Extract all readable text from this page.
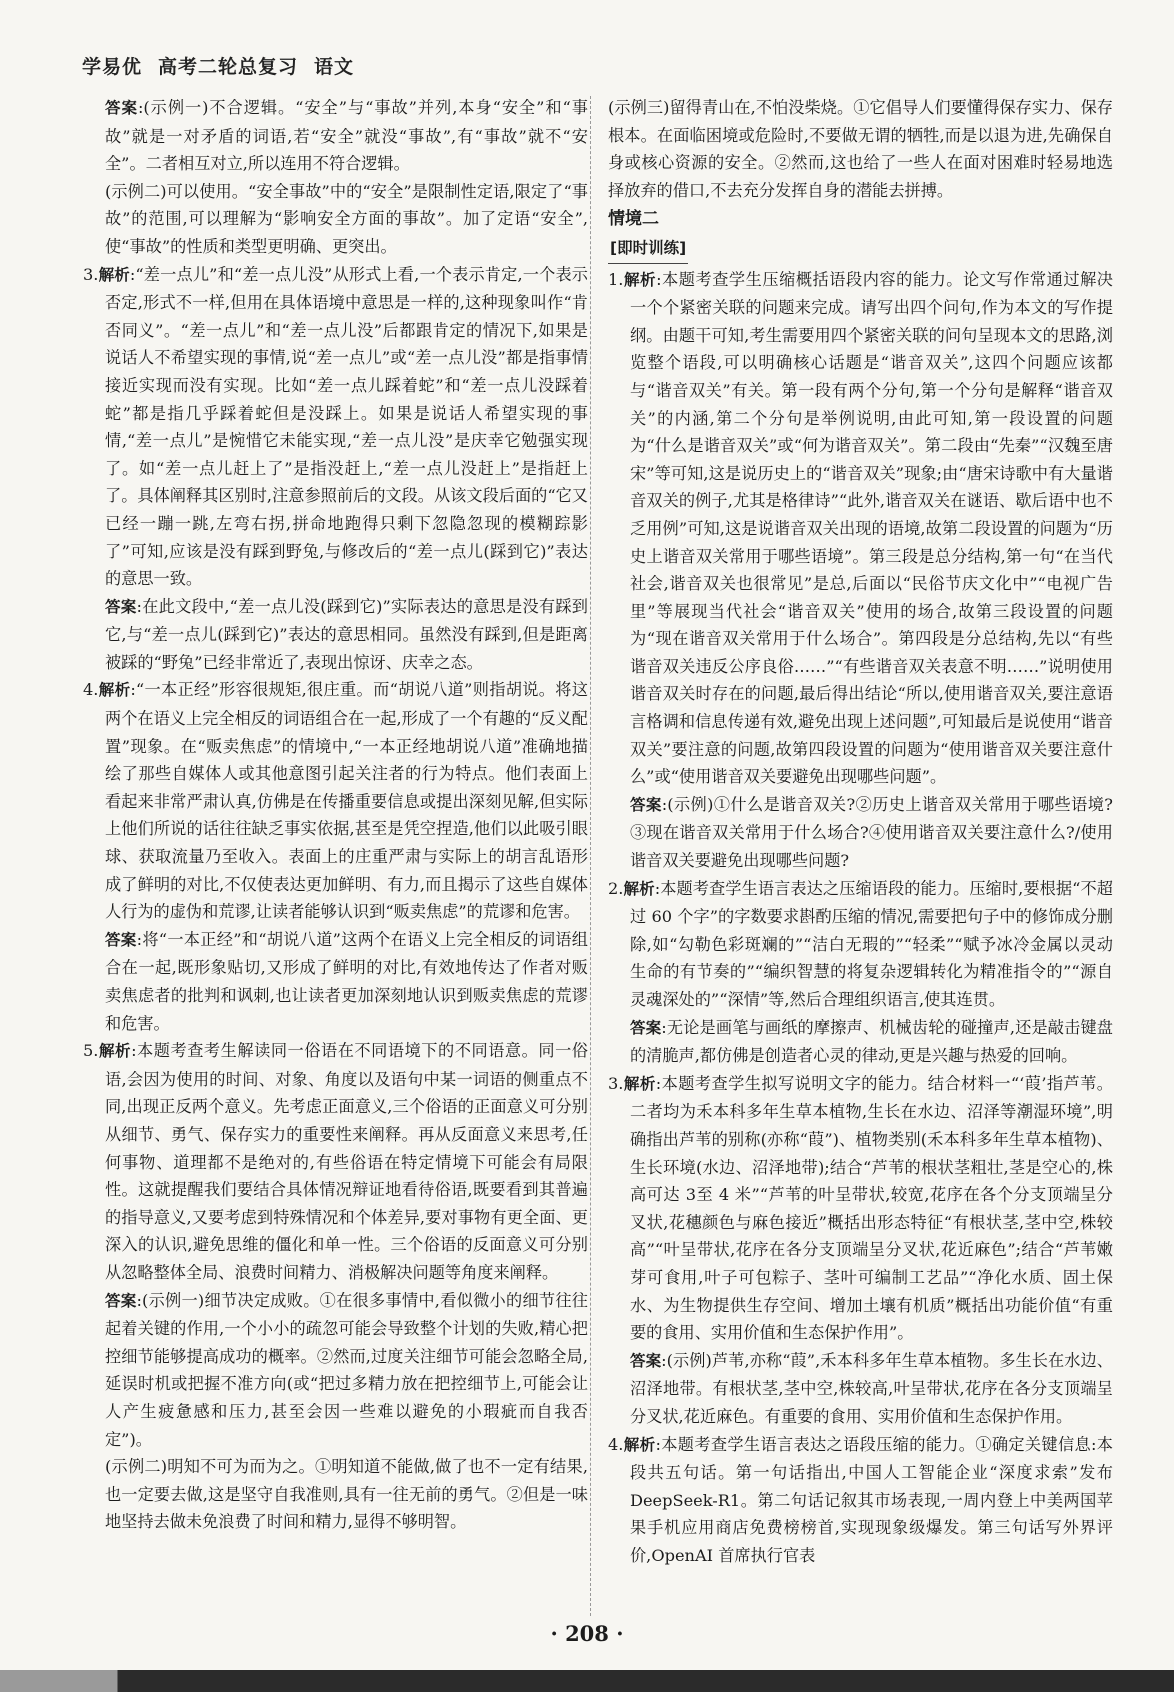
学易优 高考二轮总复习 语文

答案:(示例一)不合逻辑。“安全”与“事故”并列,本身“安全”和“事故”就是一对矛盾的词语,若“安全”就没“事故”,有“事故”就不“安全”。二者相互对立,所以连用不符合逻辑。

(示例二)可以使用。“安全事故”中的“安全”是限制性定语,限定了“事故”的范围,可以理解为“影响安全方面的事故”。加了定语“安全”,使“事故”的性质和类型更明确、更突出。

3.解析:“差一点儿”和“差一点儿没”从形式上看,一个表示肯定,一个表示否定,形式不一样,但用在具体语境中意思是一样的,这种现象叫作“肯否同义”。“差一点儿”和“差一点儿没”后都跟肯定的情况下,如果是说话人不希望实现的事情,说“差一点儿”或“差一点儿没”都是指事情接近实现而没有实现。比如“差一点儿踩着蛇”和“差一点儿没踩着蛇”都是指几乎踩着蛇但是没踩上。如果是说话人希望实现的事情,“差一点儿”是惋惜它未能实现,“差一点儿没”是庆幸它勉强实现了。如“差一点儿赶上了”是指没赶上,“差一点儿没赶上”是指赶上了。具体阐释其区别时,注意参照前后的文段。从该文段后面的“它又已经一蹦一跳,左弯右拐,拼命地跑得只剩下忽隐忽现的模糊踪影了”可知,应该是没有踩到野兔,与修改后的“差一点儿(踩到它)”表达的意思一致。

答案:在此文段中,“差一点儿没(踩到它)”实际表达的意思是没有踩到它,与“差一点儿(踩到它)”表达的意思相同。虽然没有踩到,但是距离被踩的“野兔”已经非常近了,表现出惊讶、庆幸之态。

4.解析:“一本正经”形容很规矩,很庄重。而“胡说八道”则指胡说。将这两个在语义上完全相反的词语组合在一起,形成了一个有趣的“反义配置”现象。在“贩卖焦虑”的情境中,“一本正经地胡说八道”准确地描绘了那些自媒体人或其他意图引起关注者的行为特点。他们表面上看起来非常严肃认真,仿佛是在传播重要信息或提出深刻见解,但实际上他们所说的话往往缺乏事实依据,甚至是凭空捏造,他们以此吸引眼球、获取流量乃至收入。表面上的庄重严肃与实际上的胡言乱语形成了鲜明的对比,不仅使表达更加鲜明、有力,而且揭示了这些自媒体人行为的虚伪和荒谬,让读者能够认识到“贩卖焦虑”的荒谬和危害。

答案:将“一本正经”和“胡说八道”这两个在语义上完全相反的词语组合在一起,既形象贴切,又形成了鲜明的对比,有效地传达了作者对贩卖焦虑者的批判和讽刺,也让读者更加深刻地认识到贩卖焦虑的荒谬和危害。

5.解析:本题考查考生解读同一俗语在不同语境下的不同语意。同一俗语,会因为使用的时间、对象、角度以及语句中某一词语的侧重点不同,出现正反两个意义。先考虑正面意义,三个俗语的正面意义可分别从细节、勇气、保存实力的重要性来阐释。再从反面意义来思考,任何事物、道理都不是绝对的,有些俗语在特定情境下可能会有局限性。这就提醒我们要结合具体情况辩证地看待俗语,既要看到其普遍的指导意义,又要考虑到特殊情况和个体差异,要对事物有更全面、更深入的认识,避免思维的僵化和单一性。三个俗语的反面意义可分别从忽略整体全局、浪费时间精力、消极解决问题等角度来阐释。

答案:(示例一)细节决定成败。①在很多事情中,看似微小的细节往往起着关键的作用,一个小小的疏忽可能会导致整个计划的失败,精心把控细节能够提高成功的概率。②然而,过度关注细节可能会忽略全局,延误时机或把握不准方向(或“把过多精力放在把控细节上,可能会让人产生疲惫感和压力,甚至会因一些难以避免的小瑕疵而自我否定”)。

(示例二)明知不可为而为之。①明知道不能做,做了也不一定有结果,也一定要去做,这是坚守自我准则,具有一往无前的勇气。②但是一味地坚持去做未免浪费了时间和精力,显得不够明智。

(示例三)留得青山在,不怕没柴烧。①它倡导人们要懂得保存实力、保存根本。在面临困境或危险时,不要做无谓的牺牲,而是以退为进,先确保自身或核心资源的安全。②然而,这也给了一些人在面对困难时轻易地选择放弃的借口,不去充分发挥自身的潜能去拼搏。

情境二

[即时训练]

1.解析:本题考查学生压缩概括语段内容的能力。论文写作常通过解决一个个紧密关联的问题来完成。请写出四个问句,作为本文的写作提纲。由题干可知,考生需要用四个紧密关联的问句呈现本文的思路,浏览整个语段,可以明确核心话题是“谐音双关”,这四个问题应该都与“谐音双关”有关。第一段有两个分句,第一个分句是解释“谐音双关”的内涵,第二个分句是举例说明,由此可知,第一段设置的问题为“什么是谐音双关”或“何为谐音双关”。第二段由“先秦”“汉魏至唐宋”等可知,这是说历史上的“谐音双关”现象;由“唐宋诗歌中有大量谐音双关的例子,尤其是格律诗”“此外,谐音双关在谜语、歇后语中也不乏用例”可知,这是说谐音双关出现的语境,故第二段设置的问题为“历史上谐音双关常用于哪些语境”。第三段是总分结构,第一句“在当代社会,谐音双关也很常见”是总,后面以“民俗节庆文化中”“电视广告里”等展现当代社会“谐音双关”使用的场合,故第三段设置的问题为“现在谐音双关常用于什么场合”。第四段是分总结构,先以“有些谐音双关违反公序良俗……”“有些谐音双关表意不明……”说明使用谐音双关时存在的问题,最后得出结论“所以,使用谐音双关,要注意语言格调和信息传递有效,避免出现上述问题”,可知最后是说使用“谐音双关”要注意的问题,故第四段设置的问题为“使用谐音双关要注意什么”或“使用谐音双关要避免出现哪些问题”。

答案:(示例)①什么是谐音双关?②历史上谐音双关常用于哪些语境?③现在谐音双关常用于什么场合?④使用谐音双关要注意什么?/使用谐音双关要避免出现哪些问题?

2.解析:本题考查学生语言表达之压缩语段的能力。压缩时,要根据“不超过 60 个字”的字数要求斟酌压缩的情况,需要把句子中的修饰成分删除,如“勾勒色彩斑斓的”“洁白无瑕的”“轻柔”“赋予冰冷金属以灵动生命的有节奏的”“编织智慧的将复杂逻辑转化为精准指令的”“源自灵魂深处的”“深情”等,然后合理组织语言,使其连贯。

答案:无论是画笔与画纸的摩擦声、机械齿轮的碰撞声,还是敲击键盘的清脆声,都仿佛是创造者心灵的律动,更是兴趣与热爱的回响。

3.解析:本题考查学生拟写说明文字的能力。结合材料一“‘葭’指芦苇。二者均为禾本科多年生草本植物,生长在水边、沼泽等潮湿环境”,明确指出芦苇的别称(亦称“葭”)、植物类别(禾本科多年生草本植物)、生长环境(水边、沼泽地带);结合“芦苇的根状茎粗壮,茎是空心的,株高可达 3至 4 米”“芦苇的叶呈带状,较宽,花序在各个分支顶端呈分叉状,花穗颜色与麻色接近”概括出形态特征“有根状茎,茎中空,株较高”“叶呈带状,花序在各分支顶端呈分叉状,花近麻色”;结合“芦苇嫩芽可食用,叶子可包粽子、茎叶可编制工艺品”“净化水质、固土保水、为生物提供生存空间、增加土壤有机质”概括出功能价值“有重要的食用、实用价值和生态保护作用”。

答案:(示例)芦苇,亦称“葭”,禾本科多年生草本植物。多生长在水边、沼泽地带。有根状茎,茎中空,株较高,叶呈带状,花序在各分支顶端呈分叉状,花近麻色。有重要的食用、实用价值和生态保护作用。

4.解析:本题考查学生语言表达之语段压缩的能力。①确定关键信息:本段共五句话。第一句话指出,中国人工智能企业“深度求索”发布 DeepSeek-R1。第二句话记叙其市场表现,一周内登上中美两国苹果手机应用商店免费榜榜首,实现现象级爆发。第三句话写外界评价,OpenAI 首席执行官表

· 208 ·
